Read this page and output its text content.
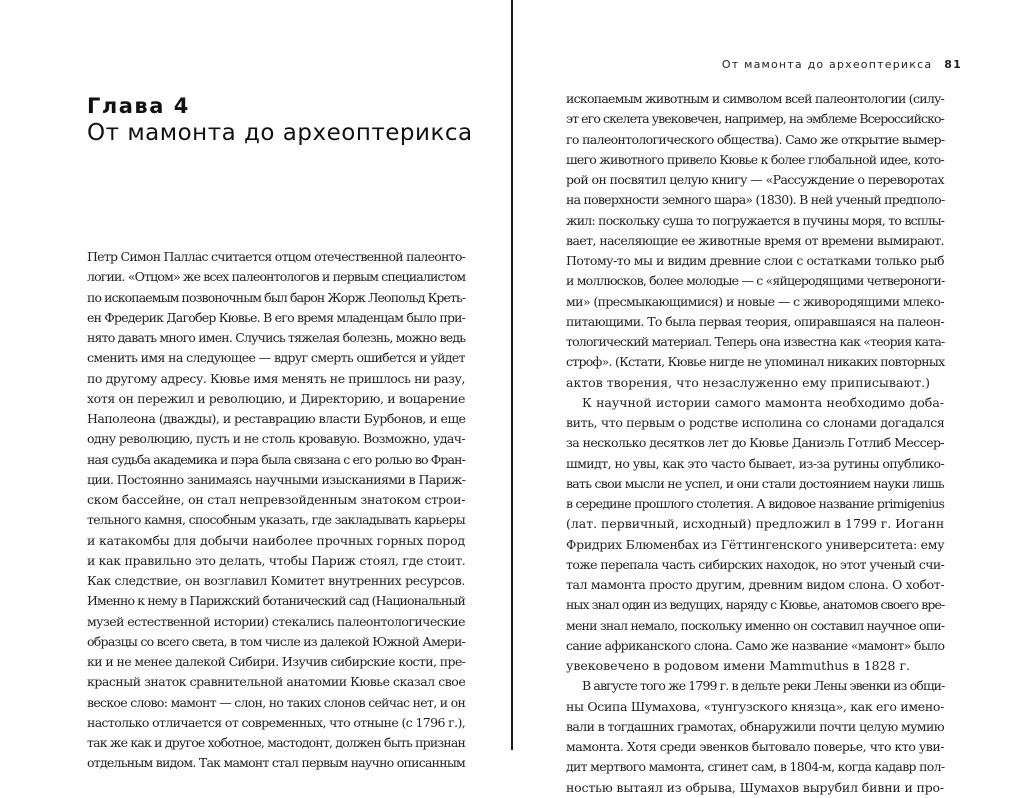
Глава 4
От мамонта до археоптерикса
Петр Симон Паллас считается отцом отечественной палеонто-
логии. «Отцом» же всех палеонтологов и первым специалистом
по ископаемым позвоночным был барон Жорж Леопольд Креть-
ен Фредерик Дагобер Кювье. В его время младенцам было при-
нято давать много имен. Случись тяжелая болезнь, можно ведь
сменить имя на следующее — вдруг смерть ошибется и уйдет
по другому адресу. Кювье имя менять не пришлось ни разу,
хотя он пережил и революцию, и Директорию, и воцарение
Наполеона (дважды), и реставрацию власти Бурбонов, и еще
одну революцию, пусть и не столь кровавую. Возможно, удач-
ная судьба академика и пэра была связана с его ролью во Фран-
ции. Постоянно занимаясь научными изысканиями в Париж-
ском бассейне, он стал непревзойденным знатоком строи-
тельного камня, способным указать, где закладывать карьеры
и катакомбы для добычи наиболее прочных горных пород
и как правильно это делать, чтобы Париж стоял, где стоит.
Как следствие, он возглавил Комитет внутренних ресурсов.
Именно к нему в Парижский ботанический сад (Национальный
музей естественной истории) стекались палеонтологические
образцы со всего света, в том числе из далекой Южной Амери-
ки и не менее далекой Сибири. Изучив сибирские кости, пре-
красный знаток сравнительной анатомии Кювье сказал свое
веское слово: мамонт — слон, но таких слонов сейчас нет, и он
настолько отличается от современных, что отныне (с 1796 г.),
так же как и другое хоботное, мастодонт, должен быть признан
отдельным видом. Так мамонт стал первым научно описанным
От мамонта до археоптерикса 81
ископаемым животным и символом всей палеонтологии (силу-
эт его скелета увековечен, например, на эмблеме Всероссийско-
го палеонтологического общества). Само же открытие вымер-
шего животного привело Кювье к более глобальной идее, кото-
рой он посвятил целую книгу — «Рассуждение о переворотах
на поверхности земного шара» (1830). В ней ученый предполо-
жил: поскольку суша то погружается в пучины моря, то всплы-
вает, населяющие ее животные время от времени вымирают.
Потому-то мы и видим древние слои с остатками только рыб
и моллюсков, более молодые — с «яйцеродящими четвероноги-
ми» (пресмыкающимися) и новые — с живородящими млеко-
питающими. То была первая теория, опиравшаяся на палеон-
тологический материал. Теперь она известна как «теория ката-
строф». (Кстати, Кювье нигде не упоминал никаких повторных
актов творения, что незаслуженно ему приписывают.)
К научной истории самого мамонта необходимо доба-
вить, что первым о родстве исполина со слонами догадался
за несколько десятков лет до Кювье Даниэль Готлиб Мессер-
шмидт, но увы, как это часто бывает, из-за рутины опублико-
вать свои мысли не успел, и они стали достоянием науки лишь
в середине прошлого столетия. А видовое название primigenius
(лат. первичный, исходный) предложил в 1799 г. Иоганн
Фридрих Блюменбах из Гёттингенского университета: ему
тоже перепала часть сибирских находок, но этот ученый счи-
тал мамонта просто другим, древним видом слона. О хобот-
ных знал один из ведущих, наряду с Кювье, анатомов своего вре-
мени знал немало, поскольку именно он составил научное опи-
сание африканского слона. Само же название «мамонт» было
увековечено в родовом имени Mammuthus в 1828 г.
В августе того же 1799 г. в дельте реки Лены эвенки из общи-
ны Осипа Шумахова, «тунгузского князца», как его имено-
вали в тогдашних грамотах, обнаружили почти целую мумию
мамонта. Хотя среди эвенков бытовало поверье, что кто уви-
дит мертвого мамонта, сгинет сам, в 1804-м, когда кадавр пол-
ностью вытаял из обрыва, Шумахов вырубил бивни и про-
